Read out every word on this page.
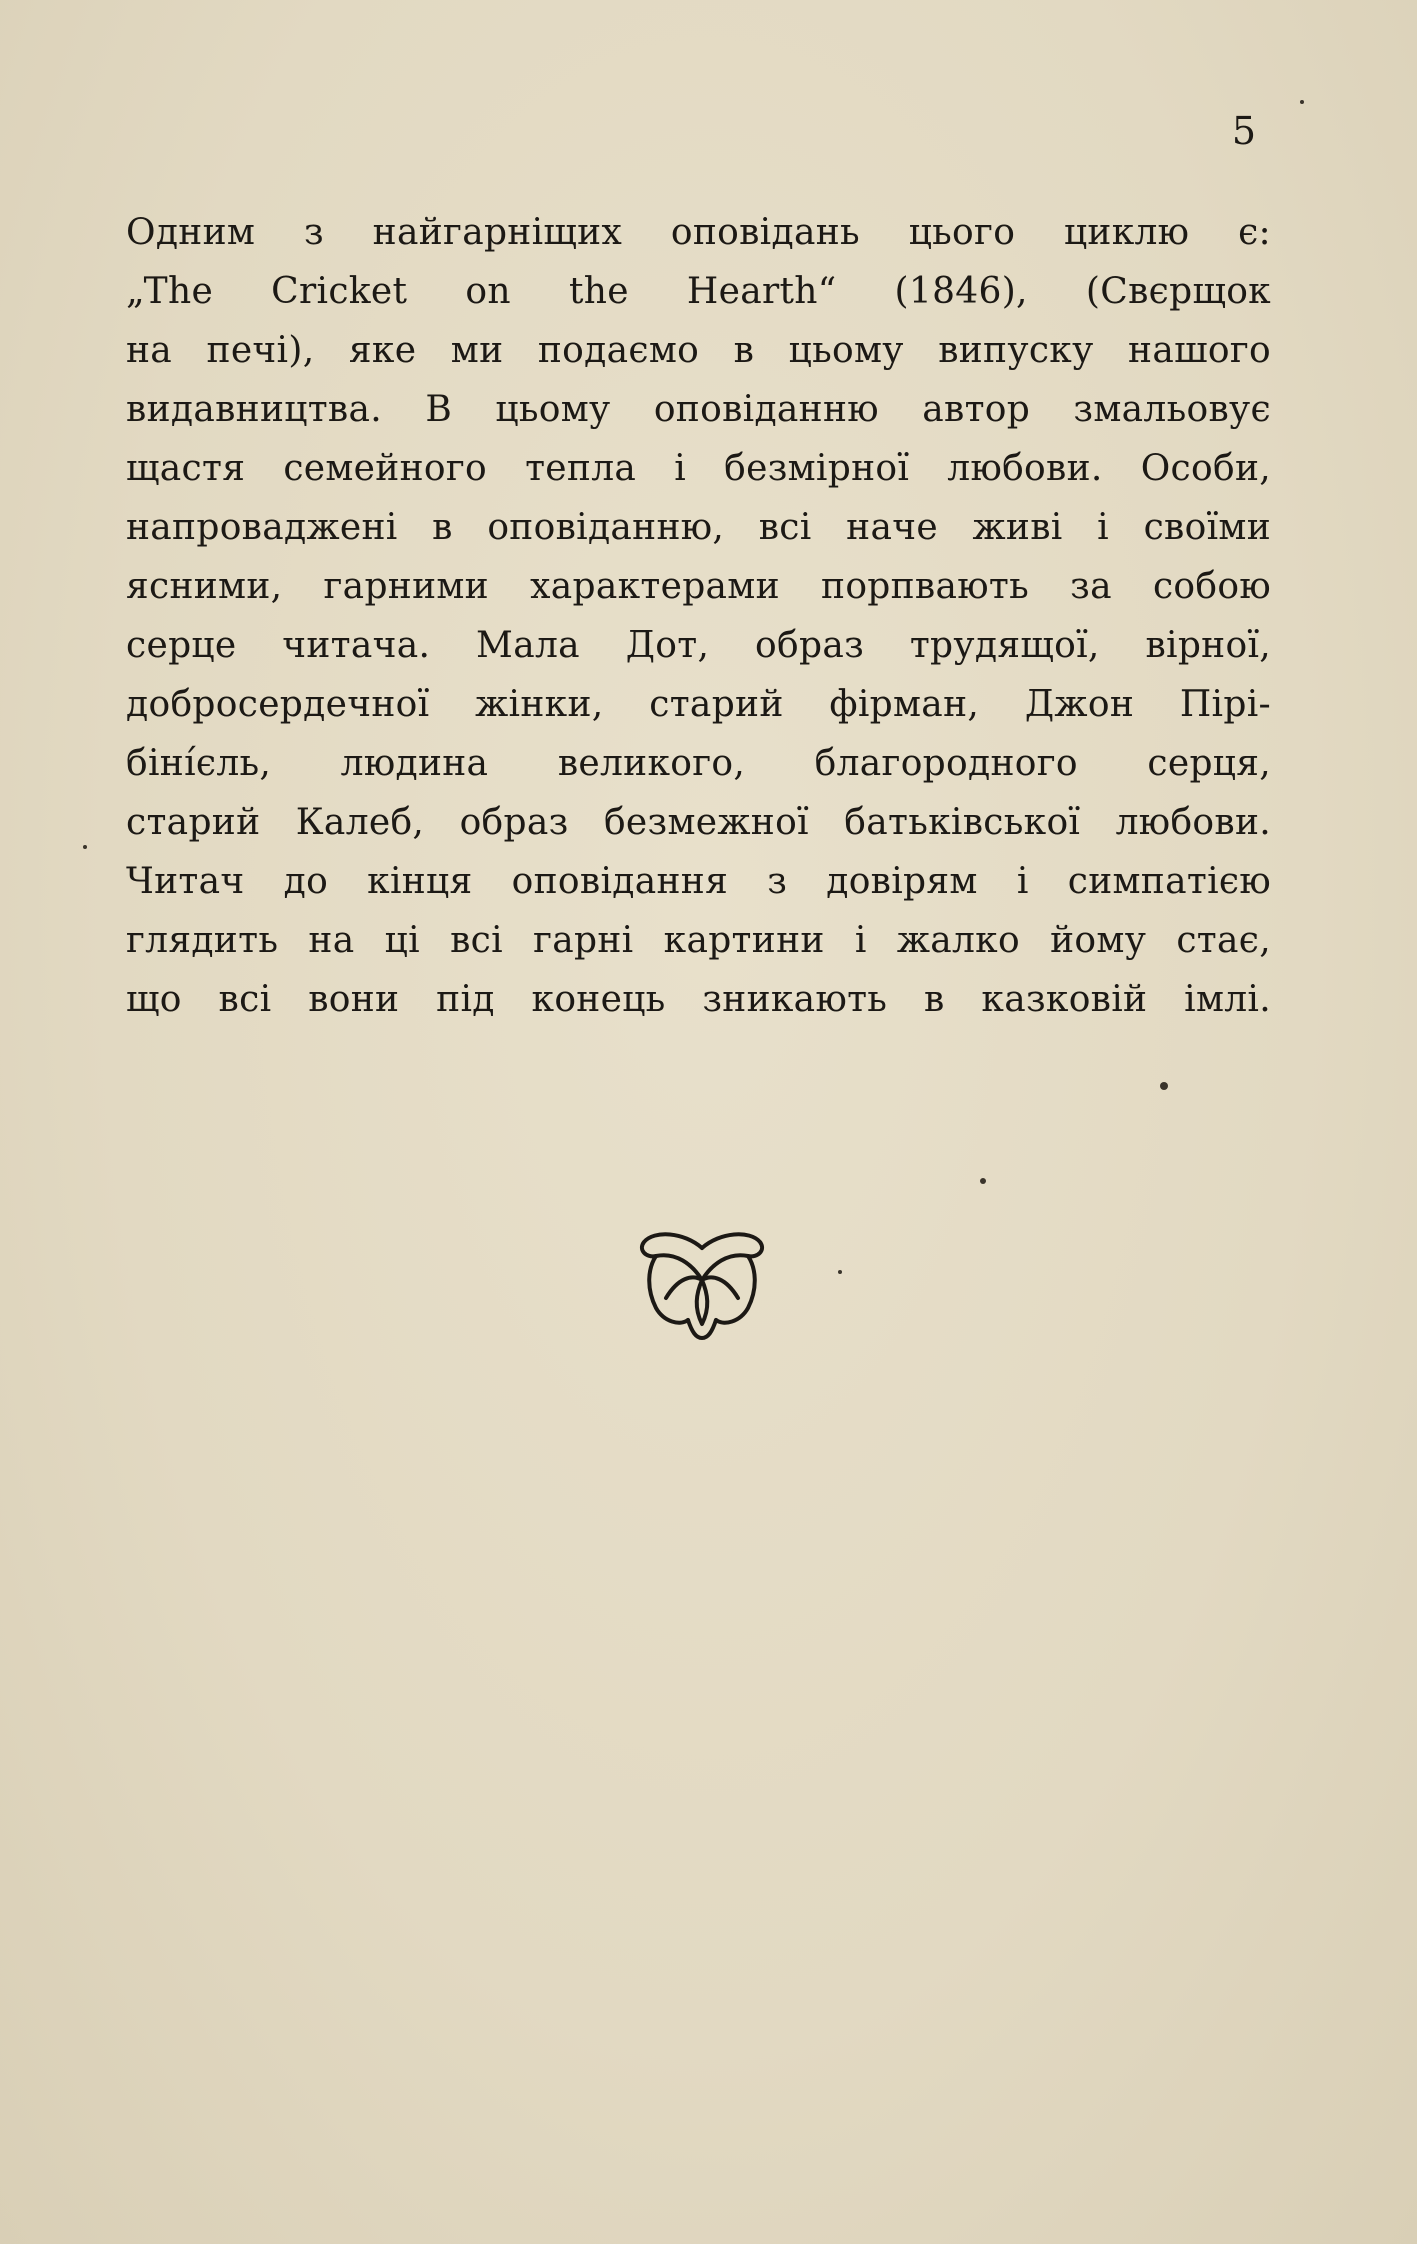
5
Одним з найгарніщих оповідань цього циклю є:
„The Cricket on the Hearth“ (1846), (Свєрщок
на печі), яке ми подаємо в цьому випуску нашого
видавництва. В цьому оповіданню автор змальовує
щастя семейного тепла і безмірної любови. Особи,
напроваджені в оповіданню, всі наче живі і своїми
ясними, гарними характерами порпвають за собою
серце читача. Мала Дот, образ трудящої, вірної,
добросердечної жінки, старий фірман, Джон Пірі-
біні́єль, людина великого, благородного серця,
старий Калеб, образ безмежної батьківської любови.
Читач до кінця оповідання з довірям і симпатією
глядить на ці всі гарні картини і жалко йому стає,
що всі вони під конець зникають в казковій імлі.
